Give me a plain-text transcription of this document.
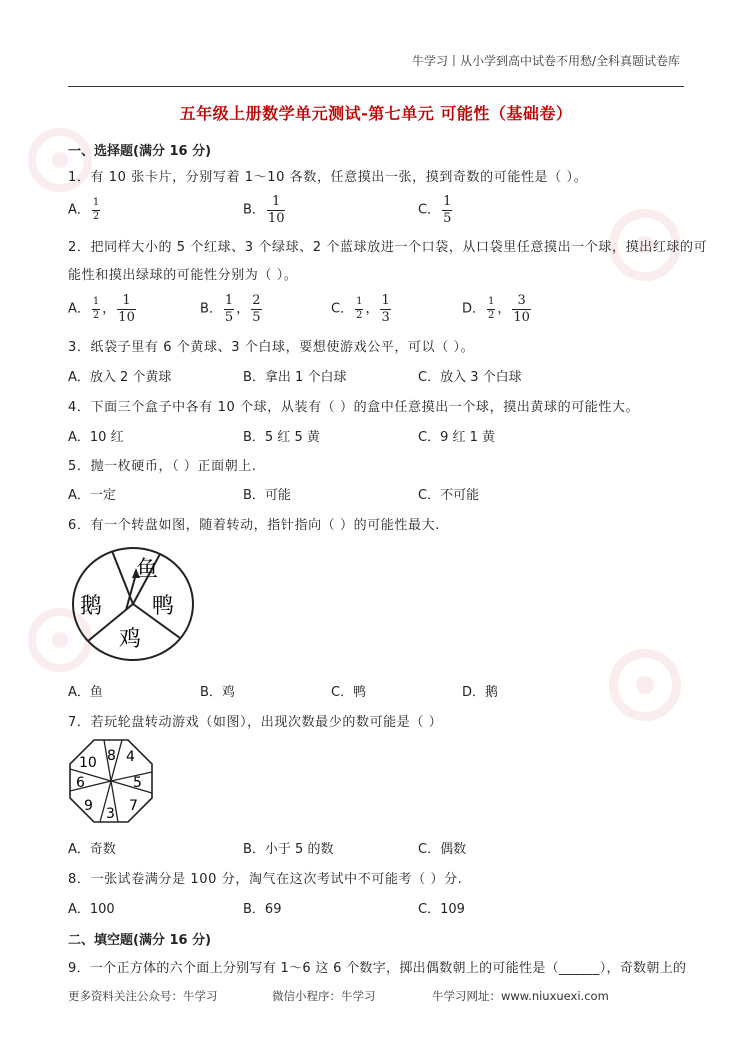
牛学习丨从小学到高中试卷不用愁/全科真题试卷库
五年级上册数学单元测试-第七单元 可能性（基础卷）
一、选择题(满分 16 分)
1．有 10 张卡片，分别写着 1～10 各数，任意摸出一张，摸到奇数的可能性是（ ）。
A． $\frac{1}{2}$	B． $\frac{1}{10}$	C． $\frac{1}{5}$
2．把同样大小的 5 个红球、3 个绿球、2 个蓝球放进一个口袋，从口袋里任意摸出一个球，摸出红球的可
能性和摸出绿球的可能性分别为（ ）。
A． $\frac{1}{2}$ ， $\frac{1}{10}$	B． $\frac{1}{5}$ ， $\frac{2}{5}$	C． $\frac{1}{2}$ ， $\frac{1}{3}$	D． $\frac{1}{2}$ ， $\frac{3}{10}$
3．纸袋子里有 6 个黄球、3 个白球，要想使游戏公平，可以（ ）。
A．放入 2 个黄球	B．拿出 1 个白球	C．放入 3 个白球
4．下面三个盒子中各有 10 个球，从装有（ ）的盒中任意摸出一个球，摸出黄球的可能性大。
A．10 红	B．5 红 5 黄	C．9 红 1 黄
5．抛一枚硬币，（ ）正面朝上.
A．一定	B．可能	C．不可能
6．有一个转盘如图，随着转动，指针指向（ ）的可能性最大.
鱼
鸭
鸡
鹅
A．鱼	B．鸡	C．鸭	D．鹅
7．若玩轮盘转动游戏（如图），出现次数最少的数可能是（ ）
8 4
5
7
3
9
6
10
A．奇数	B．小于 5 的数	C．偶数
8．一张试卷满分是 100 分，淘气在这次考试中不可能考（ ）分.
A．100	B．69	C．109
二、填空题(满分 16 分)
9．一个正方体的六个面上分别写有 1～6 这 6 个数字，掷出偶数朝上的可能性是（______），奇数朝上的
更多资料关注公众号：牛学习	微信小程序：牛学习	牛学习网址：www.niuxuexi.com
